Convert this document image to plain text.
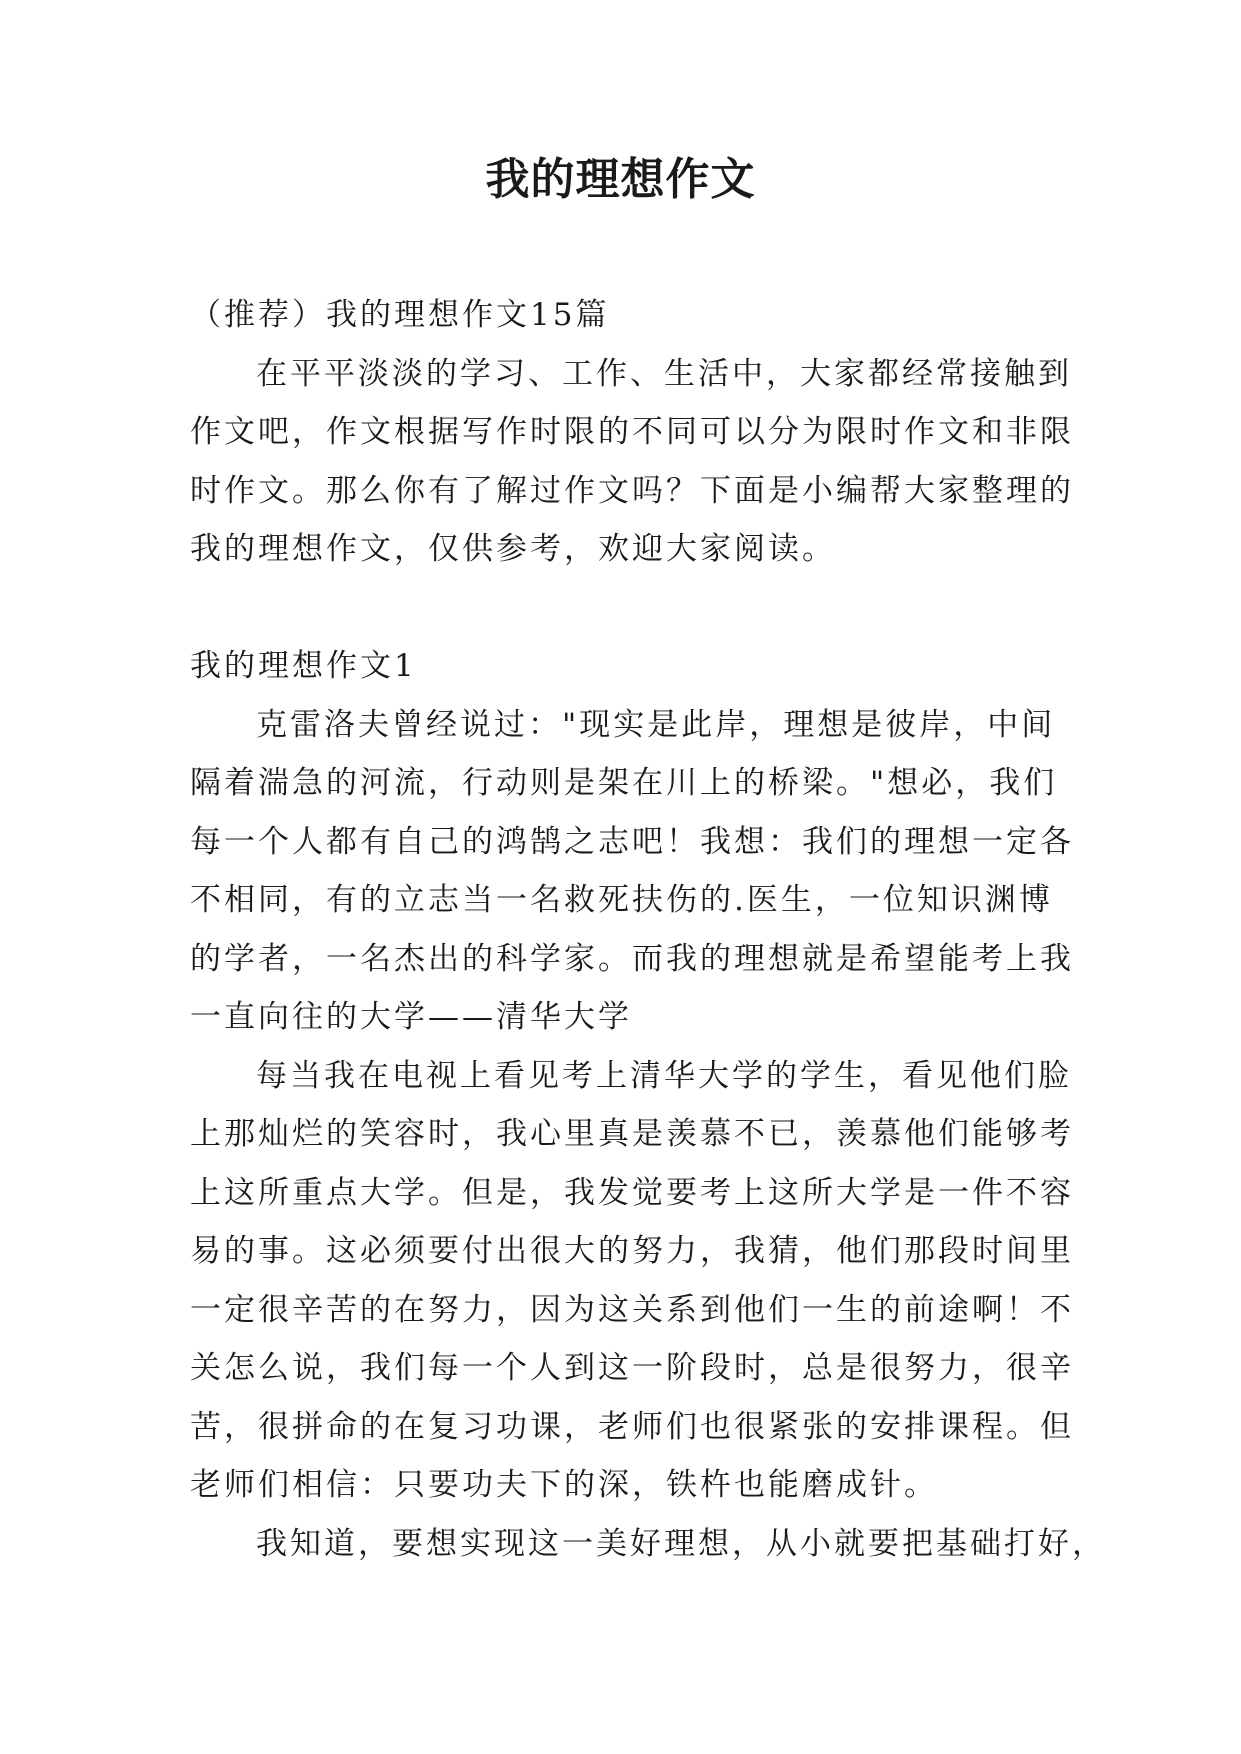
我的理想作文
（推荐）我的理想作文15篇
在平平淡淡的学习、工作、生活中，大家都经常接触到
作文吧，作文根据写作时限的不同可以分为限时作文和非限
时作文。那么你有了解过作文吗？下面是小编帮大家整理的
我的理想作文，仅供参考，欢迎大家阅读。
我的理想作文1
克雷洛夫曾经说过："现实是此岸，理想是彼岸，中间
隔着湍急的河流，行动则是架在川上的桥梁。"想必，我们
每一个人都有自己的鸿鹄之志吧！我想：我们的理想一定各
不相同，有的立志当一名救死扶伤的.医生，一位知识渊博
的学者，一名杰出的科学家。而我的理想就是希望能考上我
一直向往的大学——清华大学
每当我在电视上看见考上清华大学的学生，看见他们脸
上那灿烂的笑容时，我心里真是羡慕不已，羡慕他们能够考
上这所重点大学。但是，我发觉要考上这所大学是一件不容
易的事。这必须要付出很大的努力，我猜，他们那段时间里
一定很辛苦的在努力，因为这关系到他们一生的前途啊！不
关怎么说，我们每一个人到这一阶段时，总是很努力，很辛
苦，很拼命的在复习功课，老师们也很紧张的安排课程。但
老师们相信：只要功夫下的深，铁杵也能磨成针。
我知道，要想实现这一美好理想，从小就要把基础打好，
